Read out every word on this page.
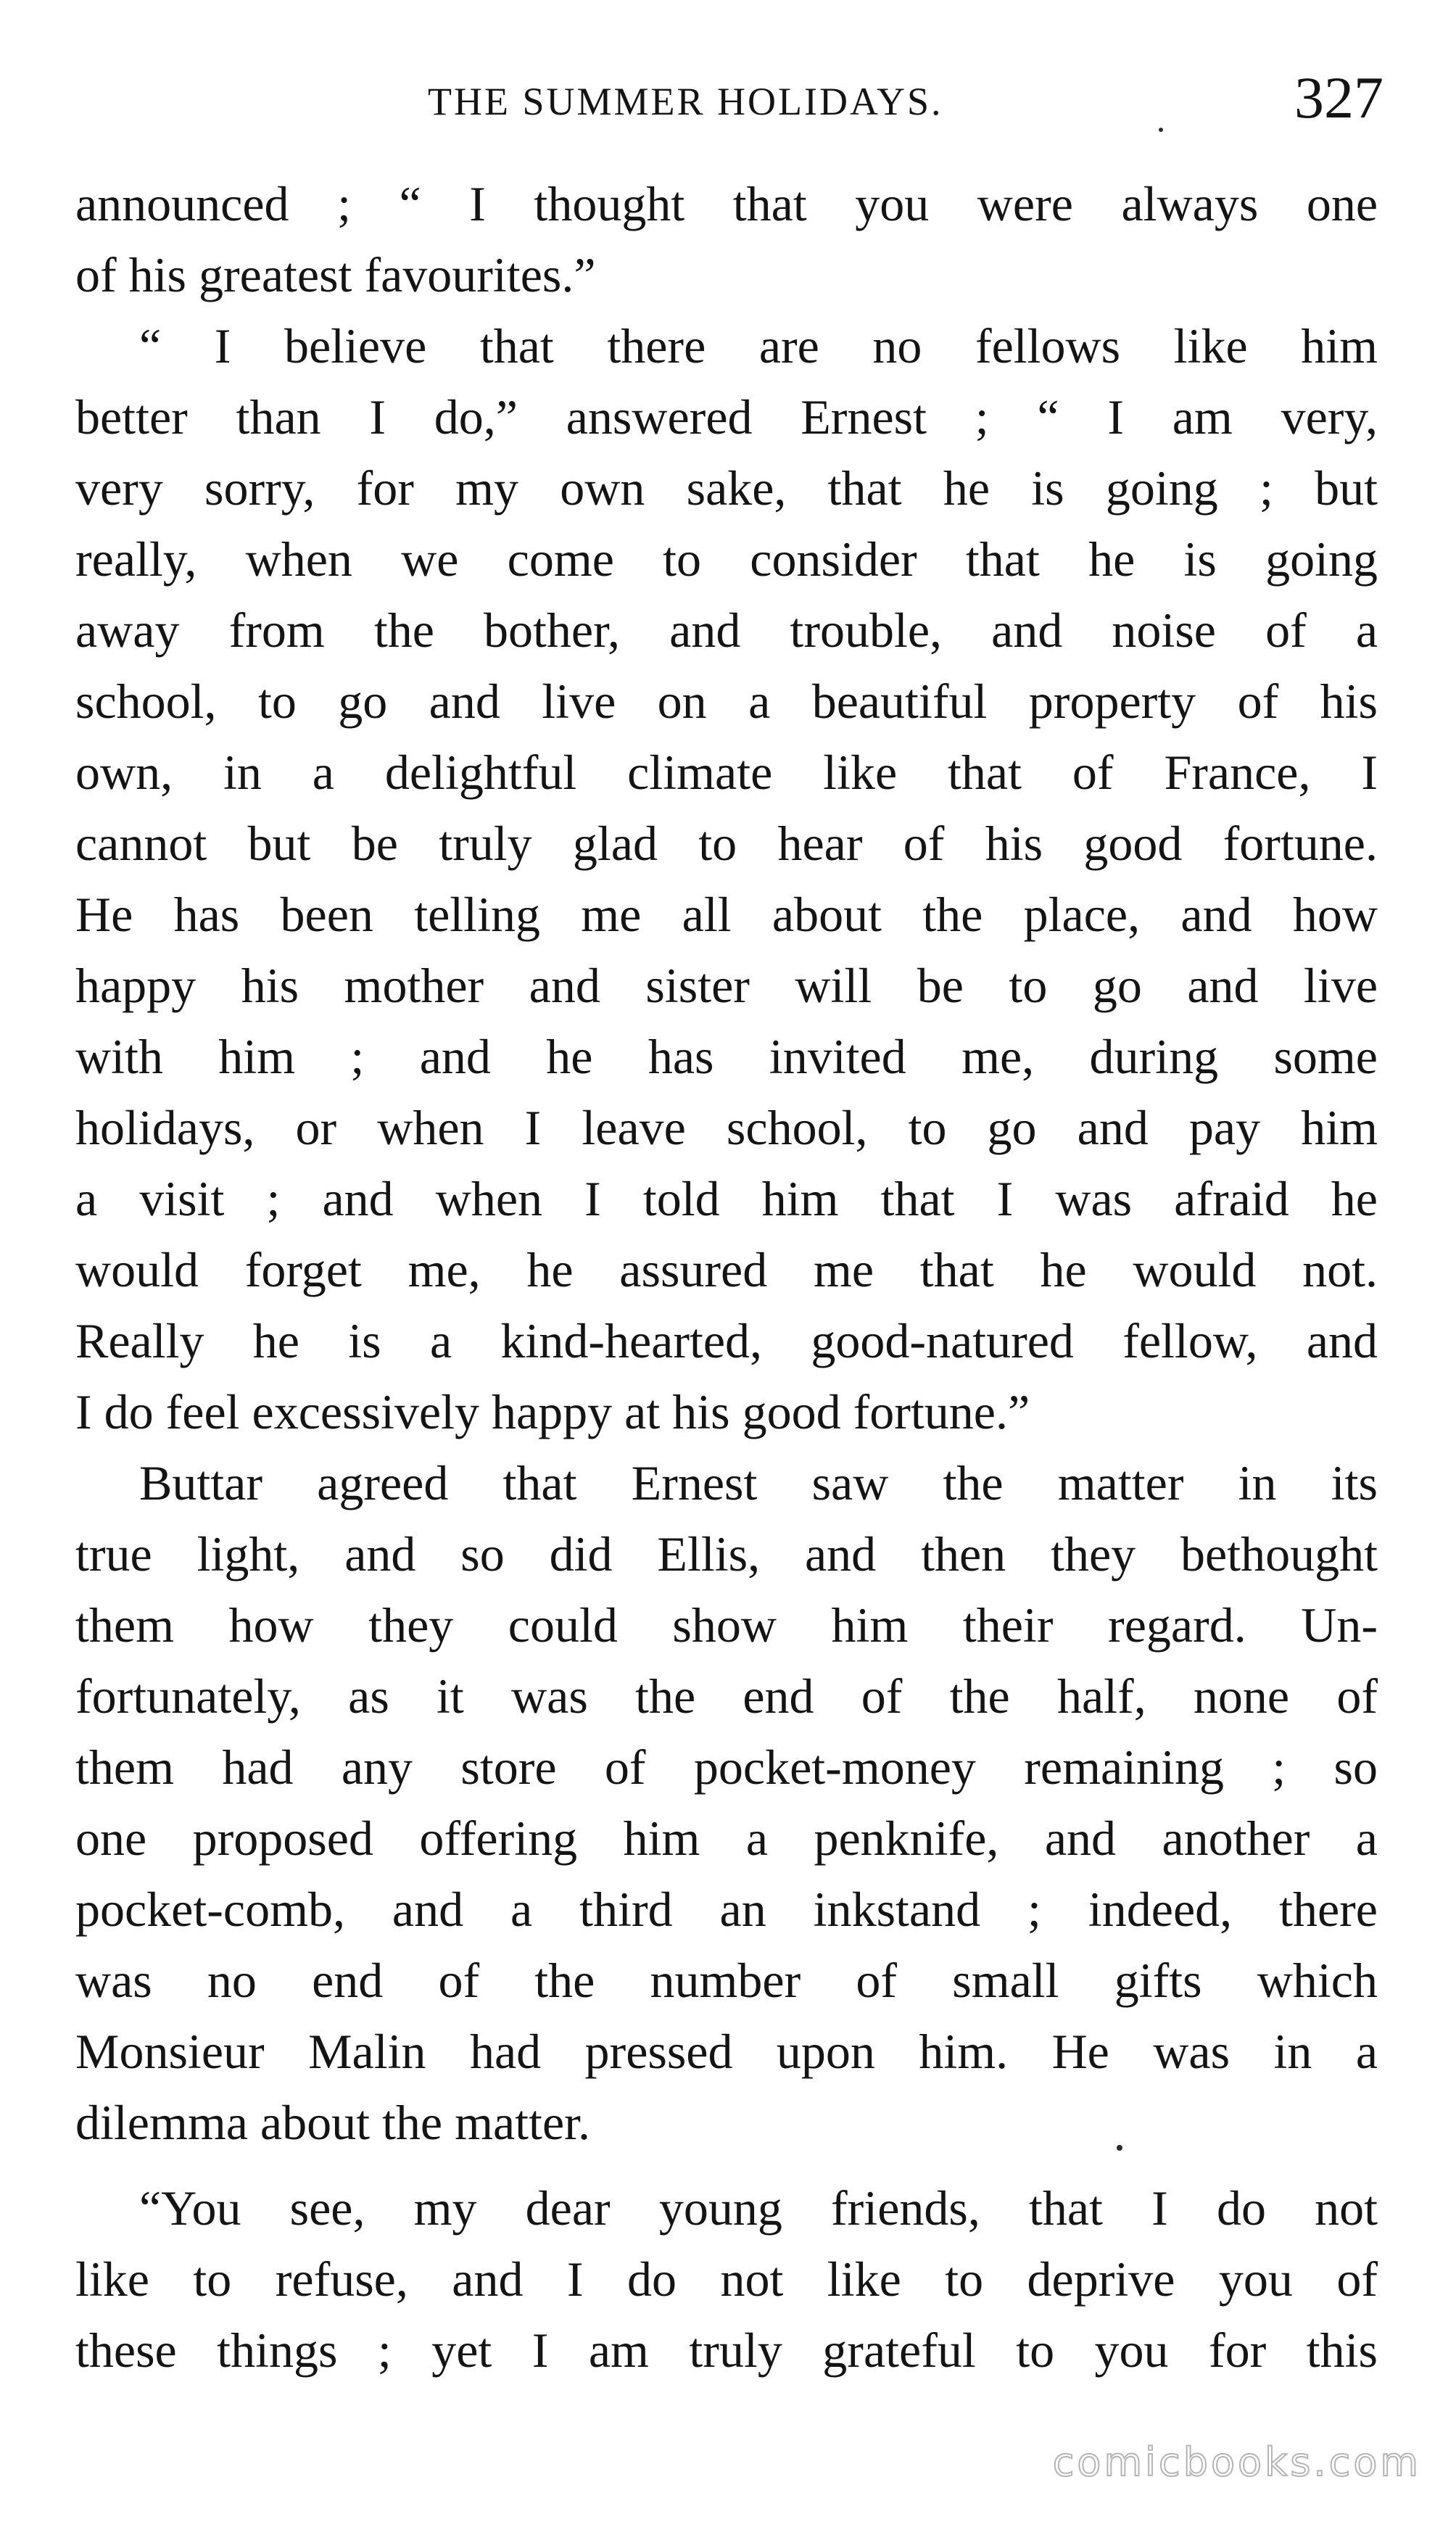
THE SUMMER HOLIDAYS.	327
announced ; “ I thought that you were always one
of his greatest favourites.”
“ I believe that there are no fellows like him
better than I do,” answered Ernest ; “ I am very,
very sorry, for my own sake, that he is going ; but
really, when we come to consider that he is going
away from the bother, and trouble, and noise of a
school, to go and live on a beautiful property of his
own, in a delightful climate like that of France, I
cannot but be truly glad to hear of his good fortune.
He has been telling me all about the place, and how
happy his mother and sister will be to go and live
with him ; and he has invited me, during some
holidays, or when I leave school, to go and pay him
a visit ; and when I told him that I was afraid he
would forget me, he assured me that he would not.
Really he is a kind-hearted, good-natured fellow, and
I do feel excessively happy at his good fortune.”
Buttar agreed that Ernest saw the matter in its
true light, and so did Ellis, and then they bethought
them how they could show him their regard. Un-
fortunately, as it was the end of the half, none of
them had any store of pocket-money remaining ; so
one proposed offering him a penknife, and another a
pocket-comb, and a third an inkstand ; indeed, there
was no end of the number of small gifts which
Monsieur Malin had pressed upon him. He was in a
dilemma about the matter.
“You see, my dear young friends, that I do not
like to refuse, and I do not like to deprive you of
these things ; yet I am truly grateful to you for this
comicbooks.com
